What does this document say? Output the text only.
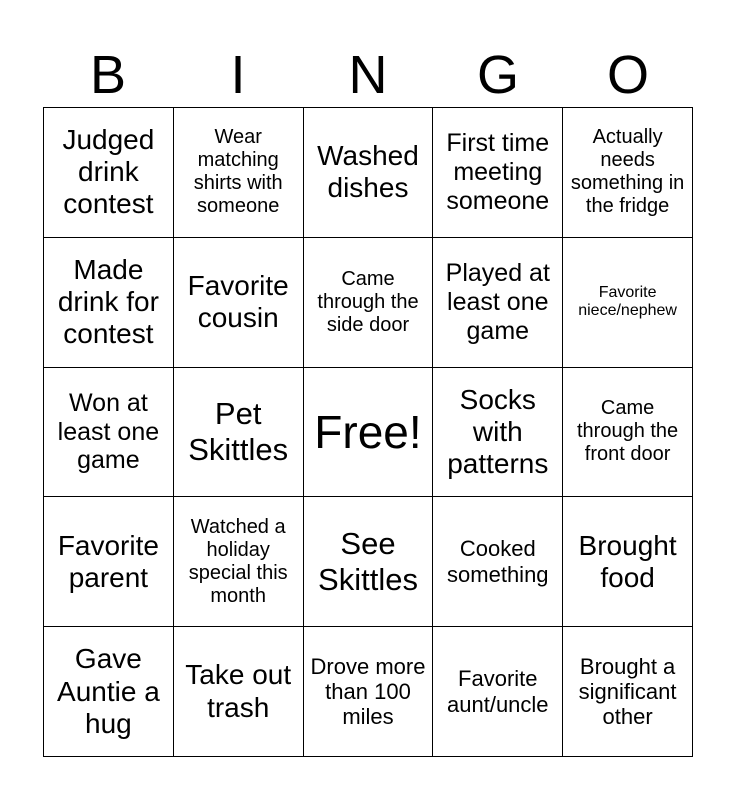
B	I	N	G	O
Judged drink contest
Wear matching shirts with someone
Washed dishes
First time meeting someone
Actually needs something in the fridge
Made drink for contest
Favorite cousin
Came through the side door
Played at least one game
Favorite niece/nephew
Won at least one game
Pet Skittles Free!
Socks with patterns
Came through the front door
Favorite parent
Watched a holiday special this month
See Skittles
Cooked something
Brought food
Gave Auntie a hug
Take out trash
Drove more than 100 miles
Favorite aunt/uncle
Brought a significant other
